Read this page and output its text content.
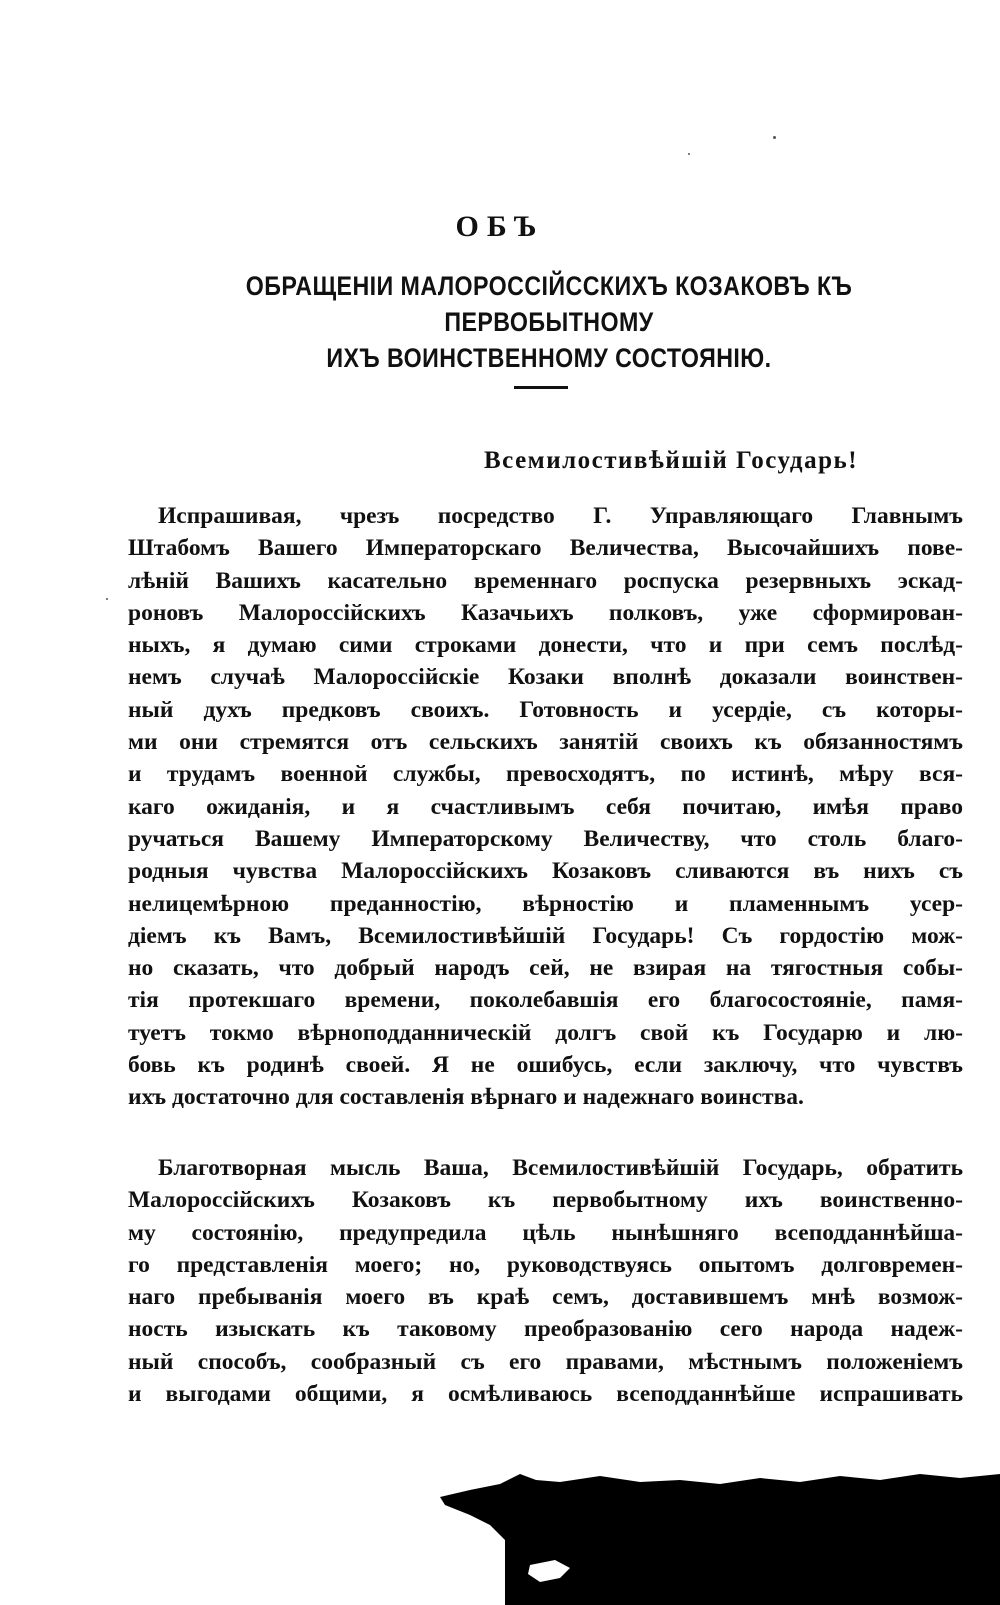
ОБЪ
ОБРАЩЕНІИ МАЛОРОССІЙССКИХЪ КОЗАКОВЪ КЪ ПЕРВОБЫТНОМУ
ИХЪ ВОИНСТВЕННОМУ СОСТОЯНІЮ.
Всемилостивѣйшій Государь!
Испрашивая, чрезъ посредство Г. Управляющаго Главнымъ
Штабомъ Вашего Императорскаго Величества, Высочайшихъ пове-
лѣній Вашихъ касательно временнаго роспуска резервныхъ эскад-
роновъ Малороссійскихъ Казачьихъ полковъ, уже сформирован-
ныхъ, я думаю сими строками донести, что и при семъ послѣд-
немъ случаѣ Малороссійскіе Козаки вполнѣ доказали воинствен-
ный духъ предковъ своихъ. Готовность и усердіе, съ которы-
ми они стремятся отъ сельскихъ занятій своихъ къ обязанностямъ
и трудамъ военной службы, превосходятъ, по истинѣ, мѣру вся-
каго ожиданія, и я счастливымъ себя почитаю, имѣя право
ручаться Вашему Императорскому Величеству, что столь благо-
родныя чувства Малороссійскихъ Козаковъ сливаются въ нихъ съ
нелицемѣрною преданностію, вѣрностію и пламеннымъ усер-
діемъ къ Вамъ, Всемилостивѣйшій Государь! Съ гордостію мож-
но сказать, что добрый народъ сей, не взирая на тягостныя собы-
тія протекшаго времени, поколебавшія его благосостояніе, памя-
туетъ токмо вѣрноподданническій долгъ свой къ Государю и лю-
бовь къ родинѣ своей. Я не ошибусь, если заключу, что чувствъ
ихъ достаточно для составленія вѣрнаго и надежнаго воинства.
Благотворная мысль Ваша, Всемилостивѣйшій Государь, обратить
Малороссійскихъ Козаковъ къ первобытному ихъ воинственно-
му состоянію, предупредила цѣль нынѣшняго всеподданнѣйша-
го представленія моего; но, руководствуясь опытомъ долговремен-
наго пребыванія моего въ краѣ семъ, доставившемъ мнѣ возмож-
ность изыскать къ таковому преобразованію сего народа надеж-
ный способъ, сообразный съ его правами, мѣстнымъ положеніемъ
и выгодами общими, я осмѣливаюсь всеподданнѣйше испрашивать
